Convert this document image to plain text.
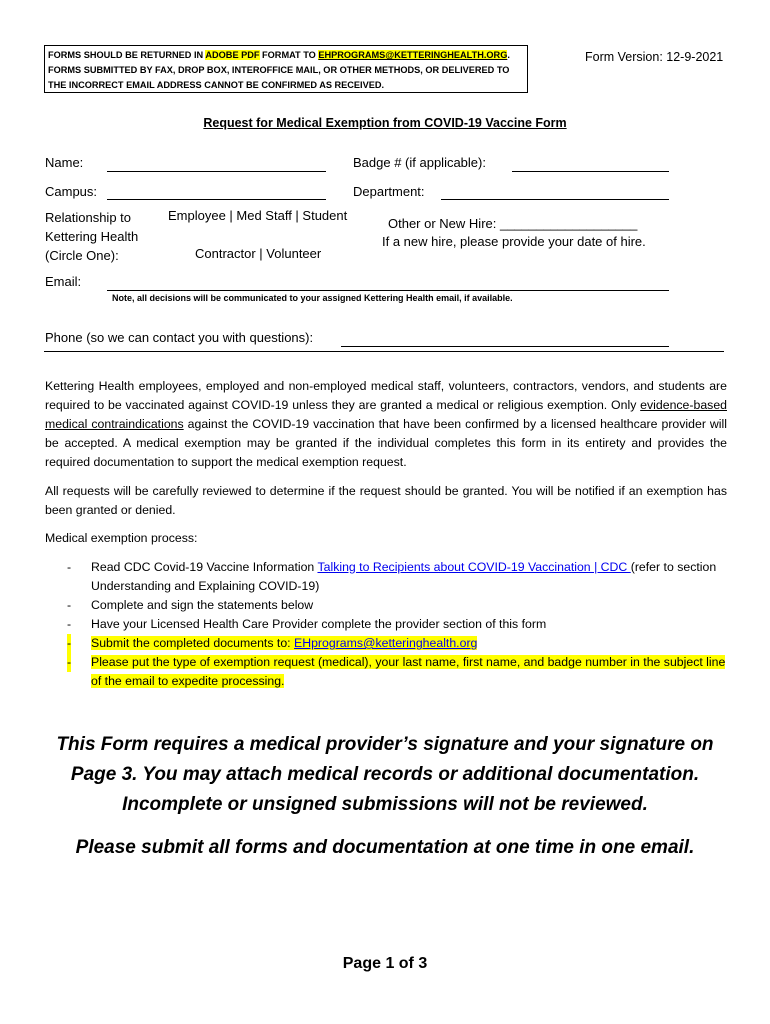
FORMS SHOULD BE RETURNED IN ADOBE PDF FORMAT TO EHPROGRAMS@KETTERINGHEALTH.ORG.
FORMS SUBMITTED BY FAX, DROP BOX, INTEROFFICE MAIL, OR OTHER METHODS, OR DELIVERED TO
THE INCORRECT EMAIL ADDRESS CANNOT BE CONFIRMED AS RECEIVED.
Form Version: 12-9-2021
Request for Medical Exemption from COVID-19 Vaccine Form
Name:	Badge # (if applicable):
Campus:	Department:
Relationship to
Kettering Health
(Circle One):
Employee | Med Staff | Student
Contractor | Volunteer
Other or New Hire: ___________________
If a new hire, please provide your date of hire.
Email:
Note, all decisions will be communicated to your assigned Kettering Health email, if available.
Phone (so we can contact you with questions):
Kettering Health employees, employed and non-employed medical staff, volunteers, contractors, vendors, and students are required to be vaccinated against COVID-19 unless they are granted a medical or religious exemption. Only evidence-based medical contraindications against the COVID-19 vaccination that have been confirmed by a licensed healthcare provider will be accepted. A medical exemption may be granted if the individual completes this form in its entirety and provides the required documentation to support the medical exemption request.
All requests will be carefully reviewed to determine if the request should be granted. You will be notified if an exemption has been granted or denied.
Medical exemption process:
- Read CDC Covid-19 Vaccine Information Talking to Recipients about COVID-19 Vaccination | CDC (refer to section Understanding and Explaining COVID-19)
- Complete and sign the statements below
- Have your Licensed Health Care Provider complete the provider section of this form
- Submit the completed documents to: EHprograms@ketteringhealth.org
- Please put the type of exemption request (medical), your last name, first name, and badge number in the subject line of the email to expedite processing.
This Form requires a medical provider’s signature and your signature on Page 3. You may attach medical records or additional documentation. Incomplete or unsigned submissions will not be reviewed.
Please submit all forms and documentation at one time in one email.
Page 1 of 3
